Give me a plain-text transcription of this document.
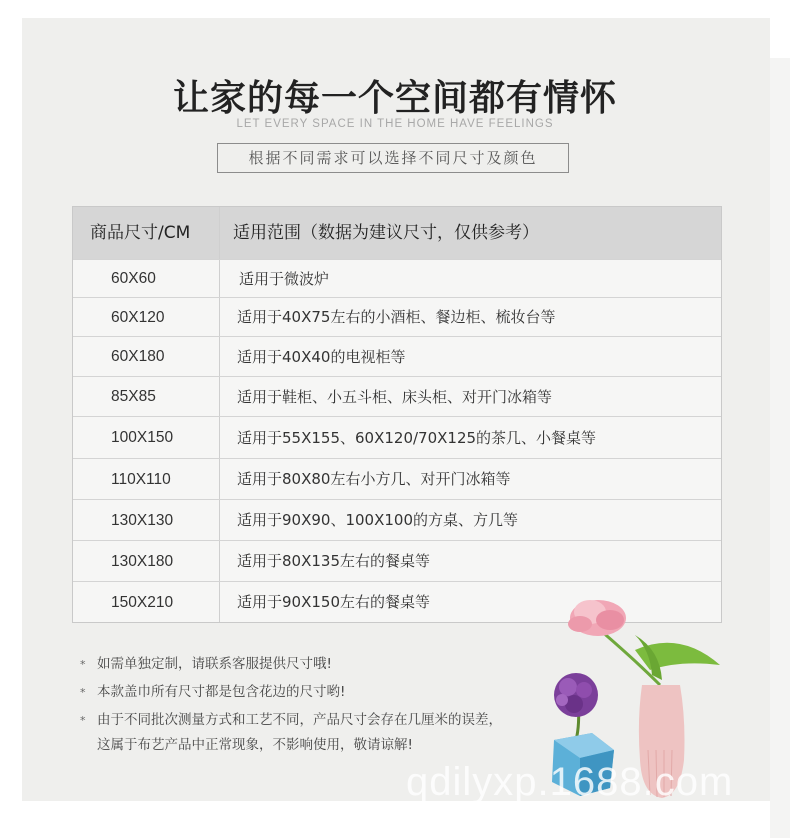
让家的每一个空间都有情怀
LET EVERY SPACE IN THE HOME HAVE FEELINGS
根据不同需求可以选择不同尺寸及颜色
商品尺寸/CM	适用范围（数据为建议尺寸，仅供参考）
60X60	适用于微波炉
60X120	适用于40X75左右的小酒柜、餐边柜、梳妆台等
60X180	适用于40X40的电视柜等
85X85	适用于鞋柜、小五斗柜、床头柜、对开门冰箱等
100X150	适用于55X155、60X120/70X125的茶几、小餐桌等
110X110	适用于80X80左右小方几、对开门冰箱等
130X130	适用于90X90、100X100的方桌、方几等
130X180	适用于80X135左右的餐桌等
150X210	适用于90X150左右的餐桌等
* 如需单独定制，请联系客服提供尺寸哦!
* 本款盖巾所有尺寸都是包含花边的尺寸哟!
* 由于不同批次测量方式和工艺不同，产品尺寸会存在几厘米的误差，这属于布艺产品中正常现象，不影响使用，敬请谅解!
qdilyxp.1688.com
